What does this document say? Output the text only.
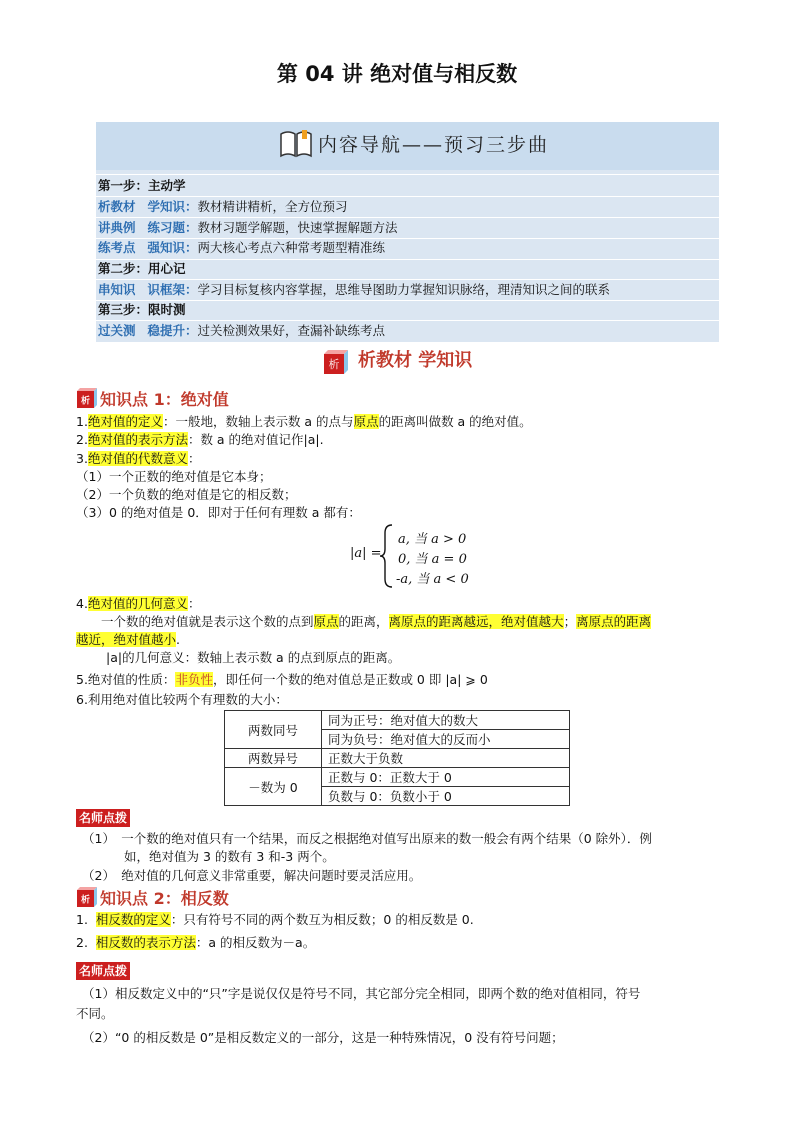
第 04 讲 绝对值与相反数
内容导航——预习三步曲
第一步：主动学
析教材 学知识：教材精讲精析，全方位预习
讲典例 练习题：教材习题学解题，快速掌握解题方法
练考点 强知识：两大核心考点六种常考题型精准练
第二步：用心记
串知识 识框架：学习目标复核内容掌握，思维导图助力掌握知识脉络，理清知识之间的联系
第三步：限时测
过关测 稳提升：过关检测效果好，查漏补缺练考点
析 析教材 学知识
析 知识点 1：绝对值
1.绝对值的定义：一般地，数轴上表示数 a 的点与原点的距离叫做数 a 的绝对值。
2.绝对值的表示方法：数 a 的绝对值记作|a|.
3.绝对值的代数意义：
（1）一个正数的绝对值是它本身；
（2）一个负数的绝对值是它的相反数；
（3）0 的绝对值是 0．即对于任何有理数 a 都有：
|a| =
a, 当 a > 0
0, 当 a = 0
-a, 当 a < 0
4.绝对值的几何意义：
一个数的绝对值就是表示这个数的点到原点的距离，离原点的距离越远，绝对值越大；离原点的距离
越近，绝对值越小.
|a|的几何意义：数轴上表示数 a 的点到原点的距离。
5.绝对值的性质：非负性，即任何一个数的绝对值总是正数或 0 即 |a| ⩾ 0
6.利用绝对值比较两个有理数的大小：
两数同号	同为正号：绝对值大的数大
	同为负号：绝对值大的反而小
两数异号	正数大于负数
－数为 0	正数与 0：正数大于 0
	负数与 0：负数小于 0
名师点拨
（1）　一个数的绝对值只有一个结果，而反之根据绝对值写出原来的数一般会有两个结果（0 除外）．例
如，绝对值为 3 的数有 3 和-3 两个。
（2）　绝对值的几何意义非常重要，解决问题时要灵活应用。
析 知识点 2：相反数
1. 相反数的定义：只有符号不同的两个数互为相反数；0 的相反数是 0.
2. 相反数的表示方法：a 的相反数为－a。
名师点拨
（1）相反数定义中的“只”字是说仅仅是符号不同，其它部分完全相同，即两个数的绝对值相同，符号
不同。
（2）“0 的相反数是 0”是相反数定义的一部分，这是一种特殊情况，0 没有符号问题；
